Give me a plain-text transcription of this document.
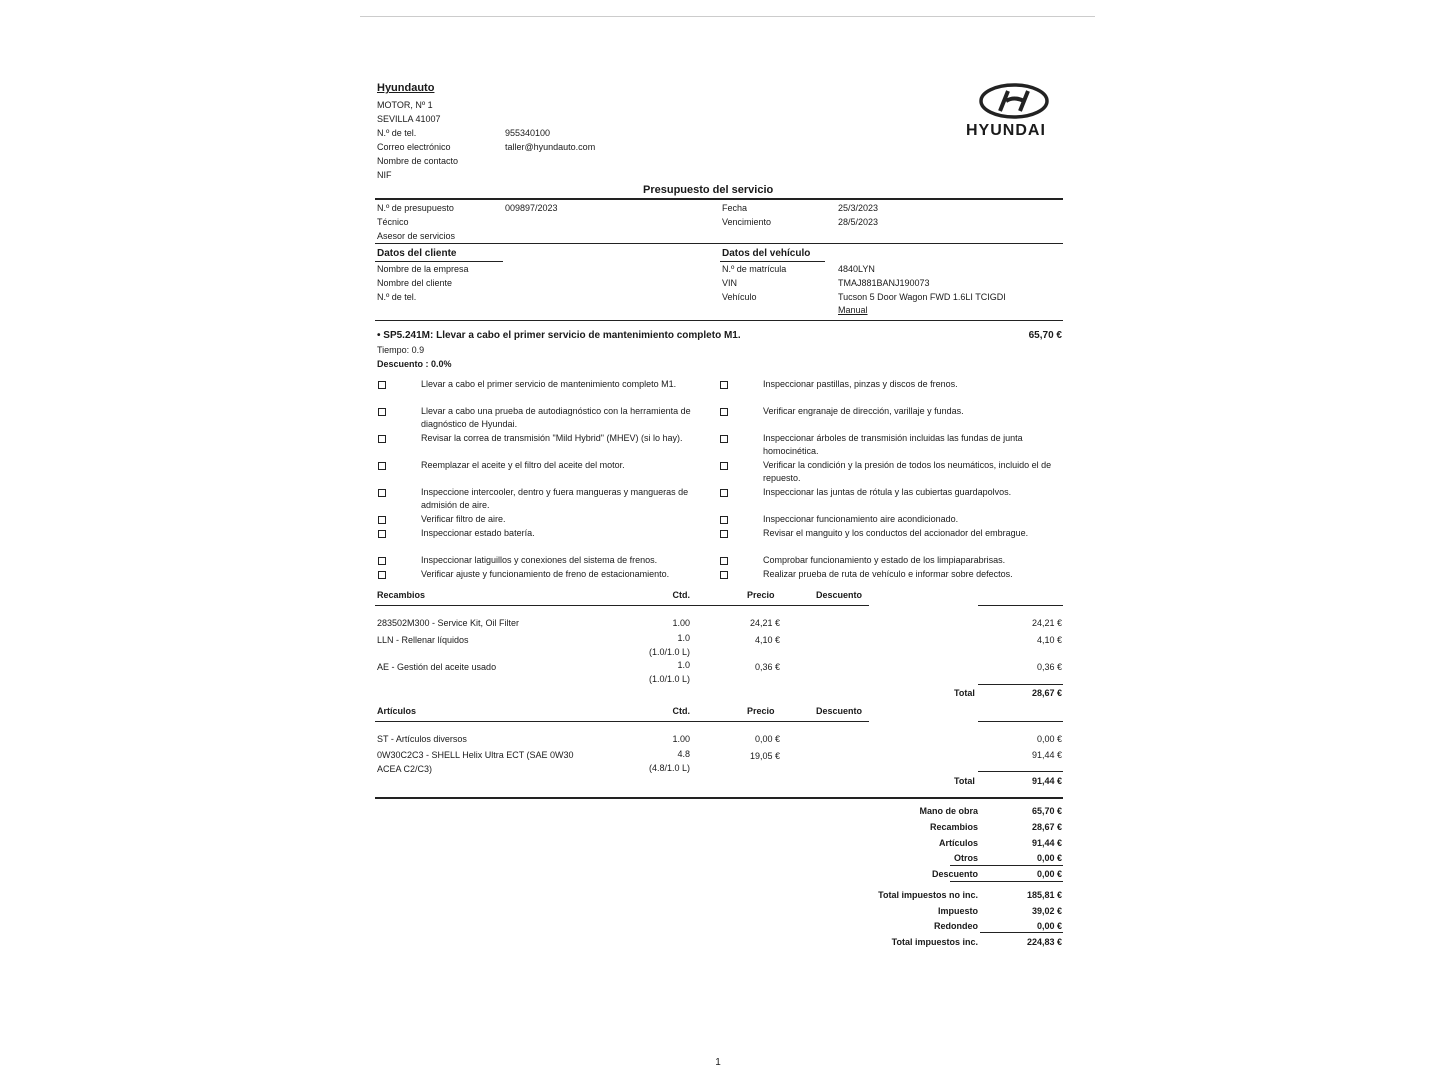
Hyundauto
MOTOR, Nº 1
SEVILLA 41007
N.º de tel.	955340100
Correo electrónico	taller@hyundauto.com
Nombre de contacto
NIF
HYUNDAI
Presupuesto del servicio
N.º de presupuesto	009897/2023
Técnico
Asesor de servicios
Fecha	25/3/2023
Vencimiento	28/5/2023
Datos del cliente
Nombre de la empresa
Nombre del cliente
N.º de tel.
Datos del vehículo
N.º de matrícula	4840LYN
VIN	TMAJ881BANJ190073
Vehículo	Tucson 5 Door Wagon FWD 1.6LI TCIGDI
Manual
• SP5.241M: Llevar a cabo el primer servicio de mantenimiento completo M1.	65,70 €
Tiempo: 0.9
Descuento : 0.0%
Llevar a cabo el primer servicio de mantenimiento completo M1.
Llevar a cabo una prueba de autodiagnóstico con la herramienta de diagnóstico de Hyundai.
Revisar la correa de transmisión "Mild Hybrid" (MHEV) (si lo hay).
Reemplazar el aceite y el filtro del aceite del motor.
Inspeccione intercooler, dentro y fuera mangueras y mangueras de admisión de aire.
Verificar filtro de aire.
Inspeccionar estado batería.
Inspeccionar latiguillos y conexiones del sistema de frenos.
Verificar ajuste y funcionamiento de freno de estacionamiento.
Inspeccionar pastillas, pinzas y discos de frenos.
Verificar engranaje de dirección, varillaje y fundas.
Inspeccionar árboles de transmisión incluidas las fundas de junta homocinética.
Verificar la condición y la presión de todos los neumáticos, incluido el de repuesto.
Inspeccionar las juntas de rótula y las cubiertas guardapolvos.
Inspeccionar funcionamiento aire acondicionado.
Revisar el manguito y los conductos del accionador del embrague.
Comprobar funcionamiento y estado de los limpiaparabrisas.
Realizar prueba de ruta de vehículo e informar sobre defectos.
Recambios	Ctd.	Precio	Descuento
283502M300 - Service Kit, Oil Filter	1.00	24,21 €	24,21 €
LLN - Rellenar líquidos	1.0
(1.0/1.0 L)
4,10 €	4,10 €
AE - Gestión del aceite usado	1.0
(1.0/1.0 L)
0,36 €	0,36 €
Total	28,67 €
Artículos	Ctd.	Precio	Descuento
ST - Artículos diversos	1.00	0,00 €	0,00 €
0W30C2C3 - SHELL Helix Ultra ECT (SAE 0W30
ACEA C2/C3)
4.8
(4.8/1.0 L)
19,05 €	91,44 €
Total	91,44 €
Mano de obra	65,70 €
Recambios	28,67 €
Artículos	91,44 €
Otros	0,00 €
Descuento	0,00 €
Total impuestos no inc.	185,81 €
Impuesto	39,02 €
Redondeo	0,00 €
Total impuestos inc.	224,83 €
1
